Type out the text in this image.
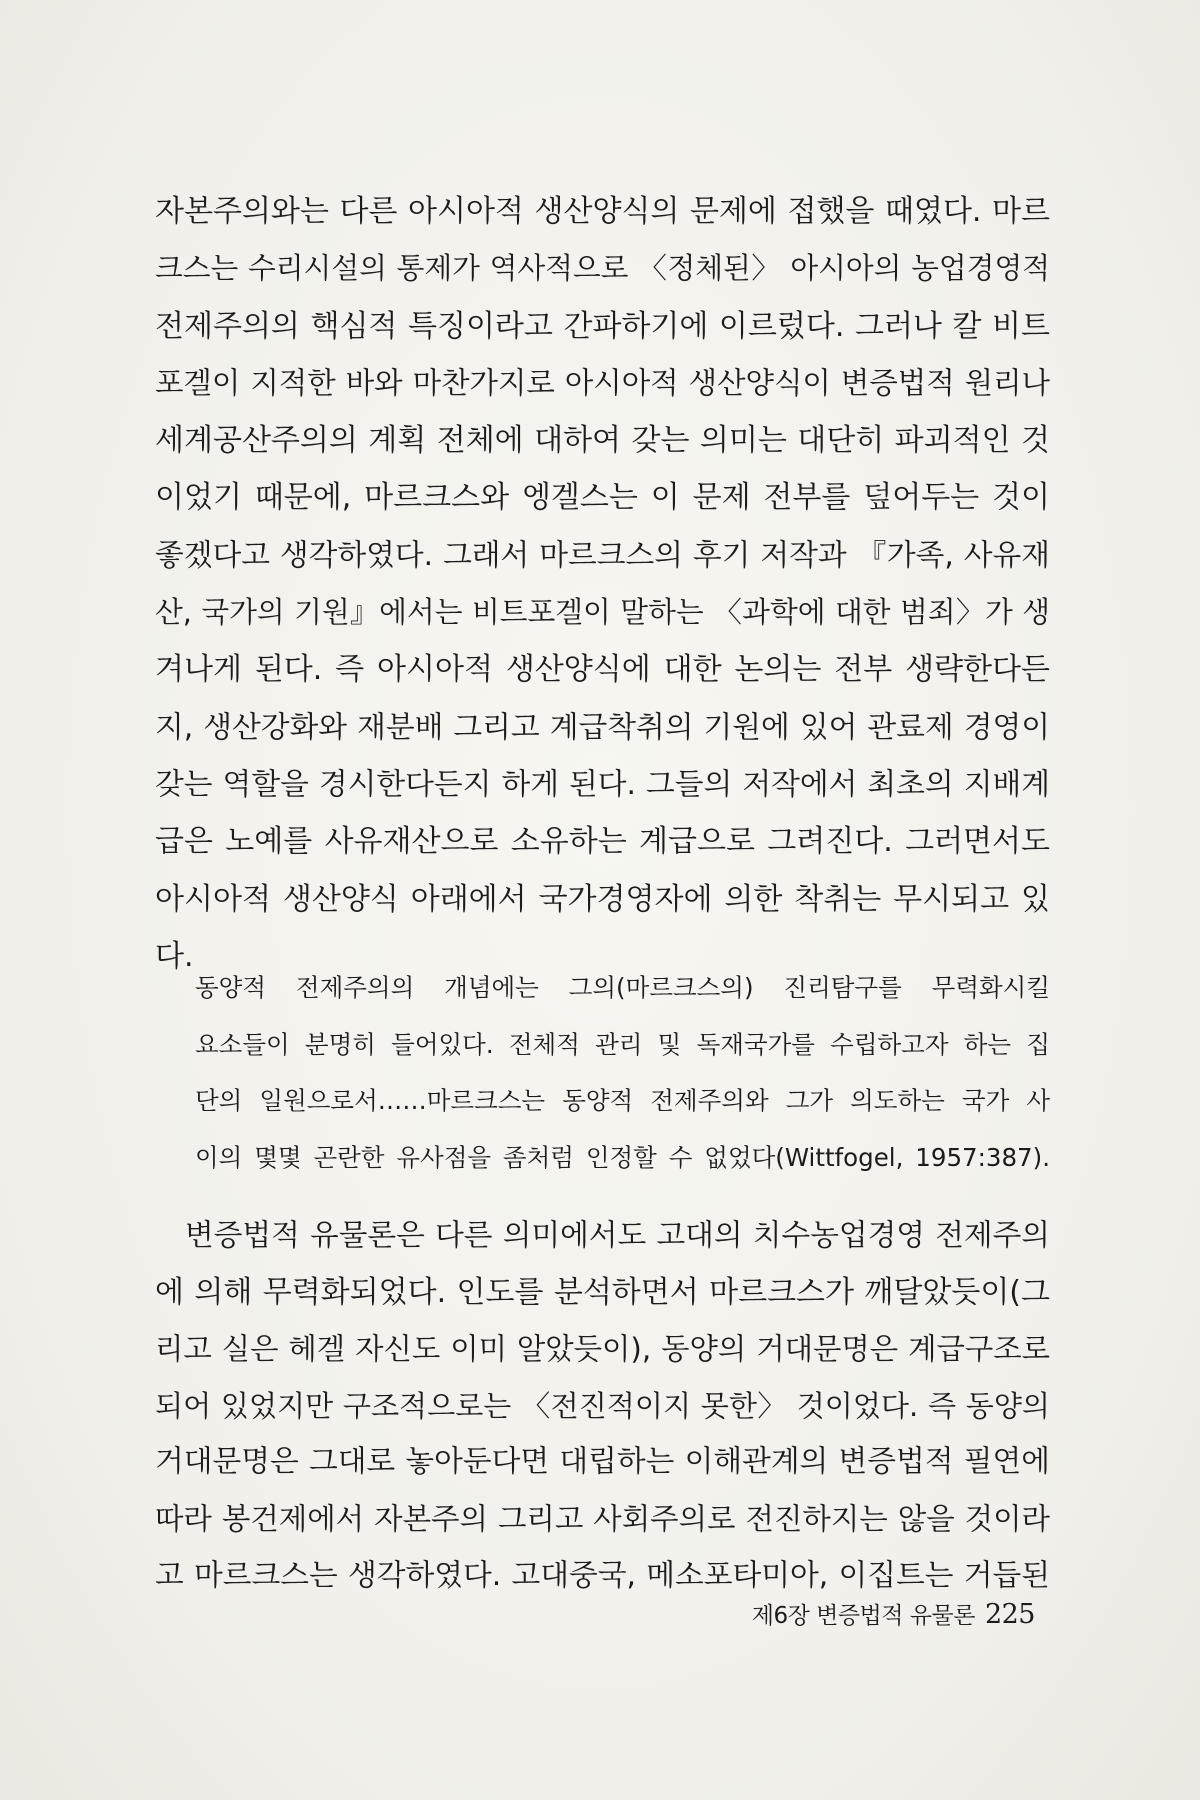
자본주의와는 다른 아시아적 생산양식의 문제에 접했을 때였다. 마르
크스는 수리시설의 통제가 역사적으로 〈정체된〉 아시아의 농업경영적
전제주의의 핵심적 특징이라고 간파하기에 이르렀다. 그러나 칼 비트
포겔이 지적한 바와 마찬가지로 아시아적 생산양식이 변증법적 원리나
세계공산주의의 계획 전체에 대하여 갖는 의미는 대단히 파괴적인 것
이었기 때문에, 마르크스와 엥겔스는 이 문제 전부를 덮어두는 것이
좋겠다고 생각하였다. 그래서 마르크스의 후기 저작과 『가족, 사유재
산, 국가의 기원』에서는 비트포겔이 말하는 〈과학에 대한 범죄〉가 생
겨나게 된다. 즉 아시아적 생산양식에 대한 논의는 전부 생략한다든
지, 생산강화와 재분배 그리고 계급착취의 기원에 있어 관료제 경영이
갖는 역할을 경시한다든지 하게 된다. 그들의 저작에서 최초의 지배계
급은 노예를 사유재산으로 소유하는 계급으로 그려진다. 그러면서도
아시아적 생산양식 아래에서 국가경영자에 의한 착취는 무시되고 있
다.
동양적 전제주의의 개념에는 그의(마르크스의) 진리탐구를 무력화시킬
요소들이 분명히 들어있다. 전체적 관리 및 독재국가를 수립하고자 하는 집
단의 일원으로서……마르크스는 동양적 전제주의와 그가 의도하는 국가 사
이의 몇몇 곤란한 유사점을 좀처럼 인정할 수 없었다(Wittfogel, 1957:387).
변증법적 유물론은 다른 의미에서도 고대의 치수농업경영 전제주의
에 의해 무력화되었다. 인도를 분석하면서 마르크스가 깨달았듯이(그
리고 실은 헤겔 자신도 이미 알았듯이), 동양의 거대문명은 계급구조로
되어 있었지만 구조적으로는 〈전진적이지 못한〉 것이었다. 즉 동양의
거대문명은 그대로 놓아둔다면 대립하는 이해관계의 변증법적 필연에
따라 봉건제에서 자본주의 그리고 사회주의로 전진하지는 않을 것이라
고 마르크스는 생각하였다. 고대중국, 메소포타미아, 이집트는 거듭된
제6장 변증법적 유물론 225
